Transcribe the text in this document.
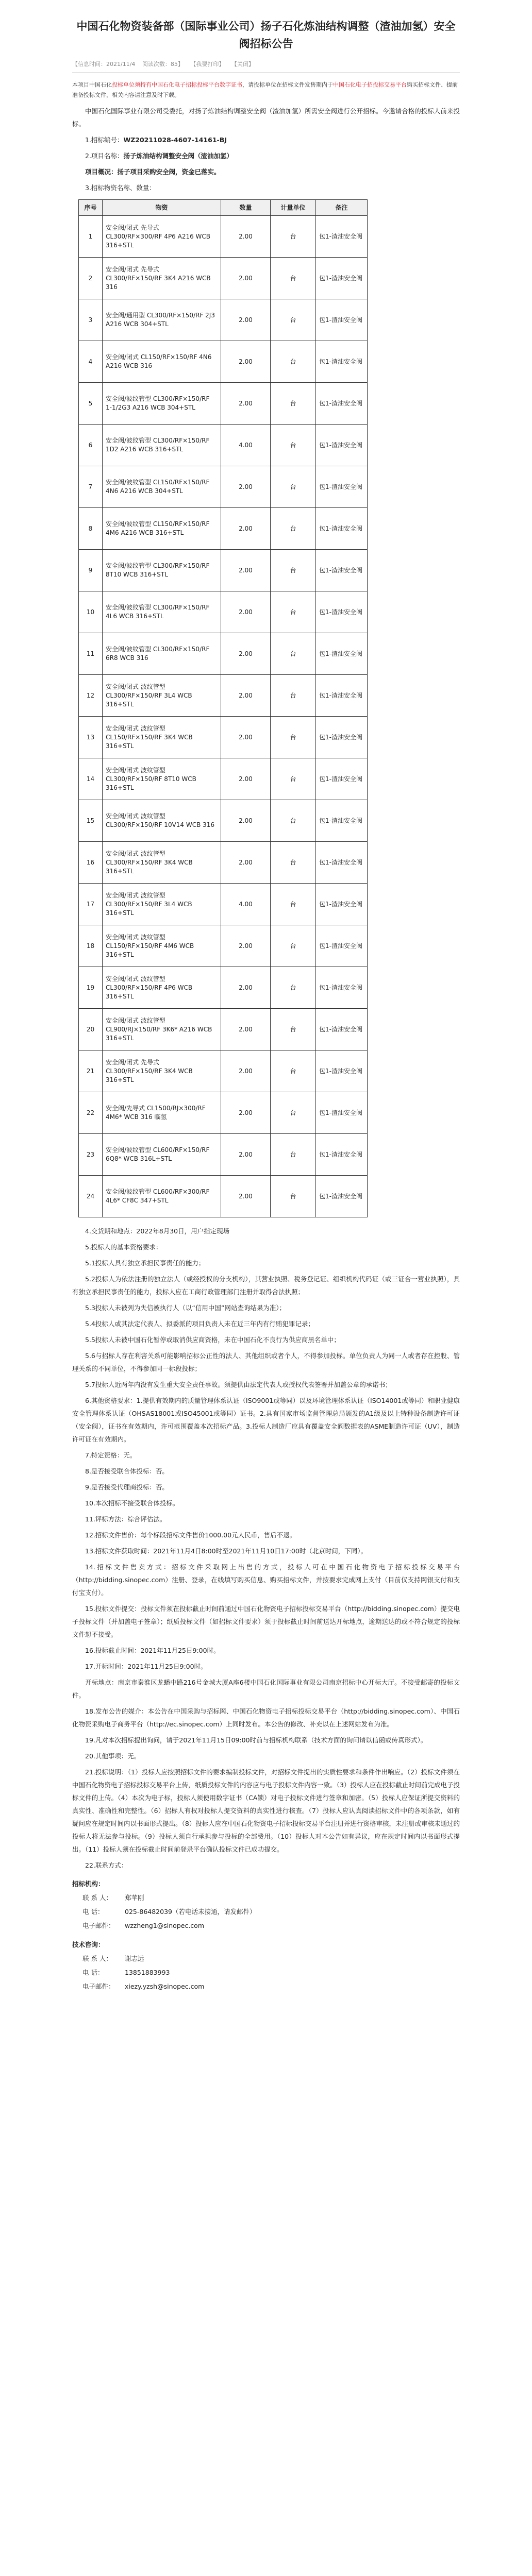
中国石化物资装备部（国际事业公司）扬子石化炼油结构调整（渣油加氢）安全阀招标公告
【信息时间：2021/11/4 阅读次数：85】 【我要打印】 【关闭】
本项目中国石化投标单位须持有中国石化电子招标投标平台数字证书，请投标单位在招标文件发售期内于中国石化电子招投标交易平台购买招标文件、提前准备投标文件，相关内容请注意及时下载。

中国石化国际事业有限公司受委托，对扬子炼油结构调整安全阀（渣油加氢）所需安全阀进行公开招标。今邀请合格的投标人前来投标。

1.招标编号：WZ20211028-4607-14161-BJ

2.项目名称：扬子炼油结构调整安全阀（渣油加氢）

项目概况：扬子项目采购安全阀，资金已落实。

3.招标物资名称、数量：

序号	物资	数量	计量单位	备注
1	安全阀/闭式 先导式 CL300/RF×300/RF 4P6 A216 WCB 316+STL	2.00	台	包1-渣油安全阀
2	安全阀/闭式 先导式 CL300/RF×150/RF 3K4 A216 WCB 316	2.00	台	包1-渣油安全阀
3	安全阀/通用型 CL300/RF×150/RF 2J3 A216 WCB 304+STL	2.00	台	包1-渣油安全阀
4	安全阀/闭式 CL150/RF×150/RF 4N6 A216 WCB 316	2.00	台	包1-渣油安全阀
5	安全阀/波纹管型 CL300/RF×150/RF 1-1/2G3 A216 WCB 304+STL	2.00	台	包1-渣油安全阀
6	安全阀/波纹管型 CL300/RF×150/RF 1D2 A216 WCB 316+STL	4.00	台	包1-渣油安全阀
7	安全阀/波纹管型 CL150/RF×150/RF 4N6 A216 WCB 304+STL	2.00	台	包1-渣油安全阀
8	安全阀/波纹管型 CL150/RF×150/RF 4M6 A216 WCB 316+STL	2.00	台	包1-渣油安全阀
9	安全阀/波纹管型 CL300/RF×150/RF 8T10 WCB 316+STL	2.00	台	包1-渣油安全阀
10	安全阀/波纹管型 CL300/RF×150/RF 4L6 WCB 316+STL	2.00	台	包1-渣油安全阀
11	安全阀/波纹管型 CL300/RF×150/RF 6R8 WCB 316	2.00	台	包1-渣油安全阀
12	安全阀/闭式 波纹管型 CL300/RF×150/RF 3L4 WCB 316+STL	2.00	台	包1-渣油安全阀
13	安全阀/闭式 波纹管型 CL150/RF×150/RF 3K4 WCB 316+STL	2.00	台	包1-渣油安全阀
14	安全阀/闭式 波纹管型 CL300/RF×150/RF 8T10 WCB 316+STL	2.00	台	包1-渣油安全阀
15	安全阀/闭式 波纹管型 CL300/RF×150/RF 10V14 WCB 316	2.00	台	包1-渣油安全阀
16	安全阀/闭式 波纹管型 CL300/RF×150/RF 3K4 WCB 316+STL	2.00	台	包1-渣油安全阀
17	安全阀/闭式 波纹管型 CL300/RF×150/RF 3L4 WCB 316+STL	4.00	台	包1-渣油安全阀
18	安全阀/闭式 波纹管型 CL150/RF×150/RF 4M6 WCB 316+STL	2.00	台	包1-渣油安全阀
19	安全阀/闭式 波纹管型 CL300/RF×150/RF 4P6 WCB 316+STL	2.00	台	包1-渣油安全阀
20	安全阀/闭式 波纹管型 CL900/RJ×150/RF 3K6* A216 WCB 316+STL	2.00	台	包1-渣油安全阀
21	安全阀/闭式 先导式 CL300/RF×150/RF 3K4 WCB 316+STL	2.00	台	包1-渣油安全阀
22	安全阀/先导式 CL1500/RJ×300/RF 4M6* WCB 316 临氢	2.00	台	包1-渣油安全阀
23	安全阀/波纹管型 CL600/RF×150/RF 6Q8* WCB 316L+STL	2.00	台	包1-渣油安全阀
24	安全阀/波纹管型 CL600/RF×300/RF 4L6* CF8C 347+STL	2.00	台	包1-渣油安全阀

4.交货期和地点：2022年8月30日，用户指定现场

5.投标人的基本资格要求：

5.1投标人具有独立承担民事责任的能力；

5.2投标人为依法注册的独立法人（或经授权的分支机构），其营业执照、税务登记证、组织机构代码证（或三证合一营业执照），具有独立承担民事责任的能力，投标人应在工商行政管理部门注册并取得合法执照；

5.3投标人未被列为失信被执行人（以“信用中国”网站查询结果为准）；

5.4投标人或其法定代表人、拟委派的项目负责人未在近三年内有行贿犯罪记录；

5.5投标人未被中国石化暂停或取消供应商资格，未在中国石化不良行为供应商黑名单中；

5.6与招标人存在利害关系可能影响招标公正性的法人、其他组织或者个人，不得参加投标。单位负责人为同一人或者存在控股、管理关系的不同单位，不得参加同一标段投标；

5.7投标人近两年内没有发生重大安全责任事故。须提供由法定代表人或授权代表签署并加盖公章的承诺书；

6.其他资格要求：1.提供有效期内的质量管理体系认证（ISO9001或等同）以及环境管理体系认证（ISO14001或等同）和职业健康安全管理体系认证（OHSAS18001或ISO45001或等同）证书。2.具有国家市场监督管理总局颁发的A1级及以上特种设备制造许可证（安全阀），证书在有效期内，许可范围覆盖本次招标产品。3.投标人制造厂应具有覆盖安全阀数据表的ASME制造许可证（UV），制造许可证在有效期内。

7.特定资格：无。

8.是否接受联合体投标：否。

9.是否接受代理商投标：否。

10.本次招标不接受联合体投标。

11.评标方法：综合评估法。

12.招标文件售价：每个标段招标文件售价1000.00元人民币，售后不退。

13.招标文件获取时间：2021年11月4日8:00时至2021年11月10日17:00时（北京时间，下同）。

14.招标文件售卖方式：招标文件采取网上出售的方式，投标人可在中国石化物资电子招标投标交易平台（http://bidding.sinopec.com）注册、登录，在线填写购买信息、购买招标文件，并按要求完成网上支付（目前仅支持网银支付和支付宝支付）。

15.投标文件提交：投标文件须在投标截止时间前通过中国石化物资电子招标投标交易平台（http://bidding.sinopec.com）提交电子投标文件（并加盖电子签章）；纸质投标文件（如招标文件要求）须于投标截止时间前送达开标地点，逾期送达的或不符合规定的投标文件恕不接受。

16.投标截止时间：2021年11月25日9:00时。

17.开标时间：2021年11月25日9:00时。

开标地点：南京市秦淮区龙蟠中路216号金城大厦A座6楼中国石化国际事业有限公司南京招标中心开标大厅。不接受邮寄的投标文件。

18.发布公告的媒介：本公告在中国采购与招标网、中国石化物资电子招标投标交易平台（http://bidding.sinopec.com）、中国石化物资采购电子商务平台（http://ec.sinopec.com）上同时发布。本公告的修改、补充以在上述网站发布为准。

19.凡对本次招标提出询问，请于2021年11月15日09:00时前与招标机构联系（技术方面的询问请以信函或传真形式）。

20.其他事项：无。

21.投标说明：（1）投标人应按照招标文件的要求编制投标文件，对招标文件提出的实质性要求和条件作出响应。（2）投标文件须在中国石化物资电子招标投标交易平台上传，纸质投标文件的内容应与电子投标文件内容一致。（3）投标人应在投标截止时间前完成电子投标文件的上传。（4）本次为电子标，投标人须使用数字证书（CA锁）对电子投标文件进行签章和加密。（5）投标人应保证所提交资料的真实性、准确性和完整性。（6）招标人有权对投标人提交资料的真实性进行核查。（7）投标人应认真阅读招标文件中的各项条款，如有疑问应在规定时间内以书面形式提出。（8）投标人应在中国石化物资电子招标投标交易平台注册并进行资格审核，未注册或审核未通过的投标人将无法参与投标。（9）投标人须自行承担参与投标的全部费用。（10）投标人对本公告如有异议，应在规定时间内以书面形式提出。（11）投标人须在投标截止时间前登录平台确认投标文件已成功提交。

22.联系方式：

招标机构：
联 系 人： 郑苹刚
电 话：	025-86482039（若电话未接通，请发邮件）
电子邮件： wzzheng1@sinopec.com
技术咨询：
联 系 人： 谢志远
电 话：	13851883993
电子邮件： xiezy.yzsh@sinopec.com
